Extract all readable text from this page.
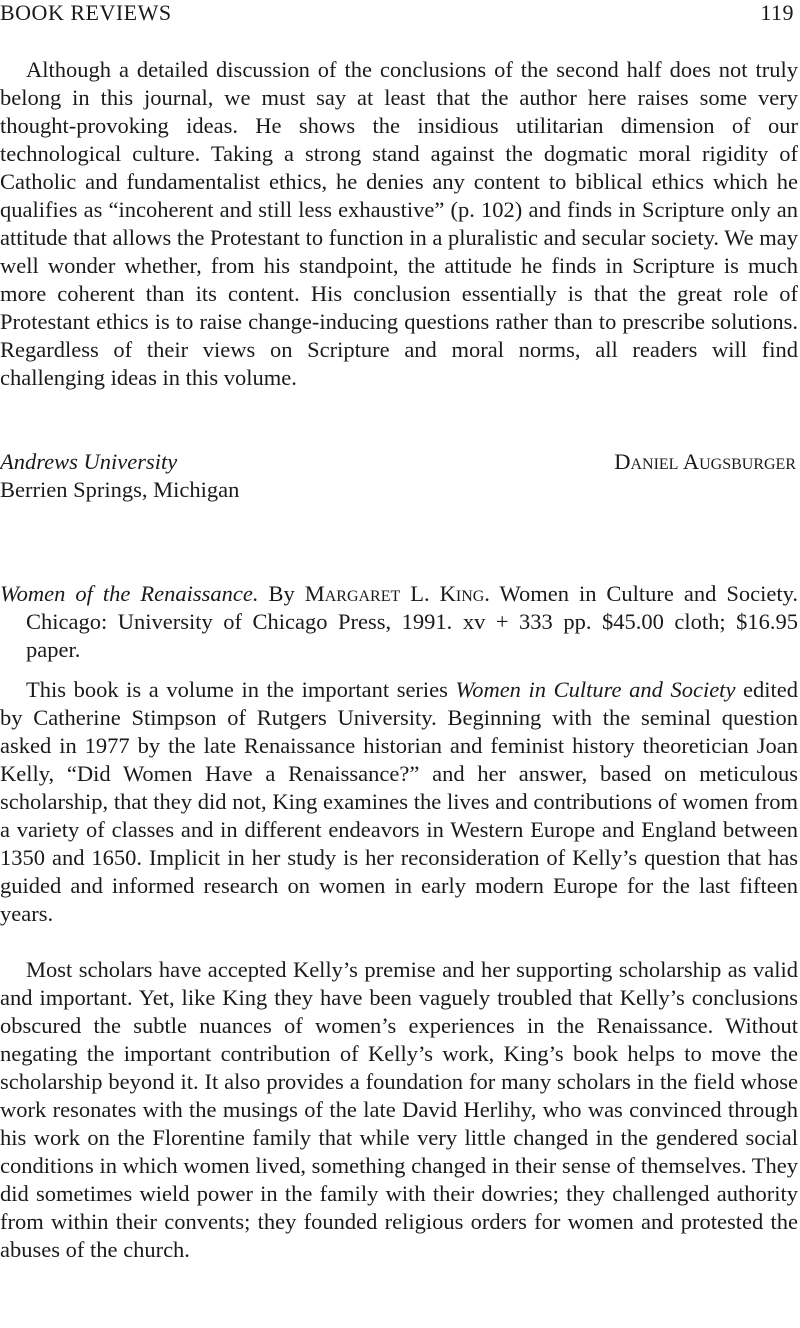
BOOK REVIEWS	119

Although a detailed discussion of the conclusions of the second half does not truly belong in this journal, we must say at least that the author here raises some very thought-provoking ideas. He shows the insidious utilitarian dimension of our technological culture. Taking a strong stand against the dogmatic moral rigidity of Catholic and fundamentalist ethics, he denies any content to biblical ethics which he qualifies as “incoherent and still less exhaustive” (p. 102) and finds in Scripture only an attitude that allows the Protestant to function in a pluralistic and secular society. We may well wonder whether, from his standpoint, the attitude he finds in Scripture is much more coherent than its content. His conclusion essentially is that the great role of Protestant ethics is to raise change-inducing questions rather than to prescribe solutions. Regardless of their views on Scripture and moral norms, all readers will find challenging ideas in this volume.

Andrews University
Berrien Springs, Michigan
Daniel Augsburger

Women of the Renaissance. By Margaret L. King. Women in Culture and Society. Chicago: University of Chicago Press, 1991. xv + 333 pp. $45.00 cloth; $16.95 paper.

This book is a volume in the important series Women in Culture and Society edited by Catherine Stimpson of Rutgers University. Beginning with the seminal question asked in 1977 by the late Renaissance historian and feminist history theoretician Joan Kelly, “Did Women Have a Renaissance?” and her answer, based on meticulous scholarship, that they did not, King examines the lives and contributions of women from a variety of classes and in different endeavors in Western Europe and England between 1350 and 1650. Implicit in her study is her reconsideration of Kelly’s question that has guided and informed research on women in early modern Europe for the last fifteen years.

Most scholars have accepted Kelly’s premise and her supporting scholarship as valid and important. Yet, like King they have been vaguely troubled that Kelly’s conclusions obscured the subtle nuances of women’s experiences in the Renaissance. Without negating the important contribution of Kelly’s work, King’s book helps to move the scholarship beyond it. It also provides a foundation for many scholars in the field whose work resonates with the musings of the late David Herlihy, who was convinced through his work on the Florentine family that while very little changed in the gendered social conditions in which women lived, something changed in their sense of themselves. They did sometimes wield power in the family with their dowries; they challenged authority from within their convents; they founded religious orders for women and protested the abuses of the church.
